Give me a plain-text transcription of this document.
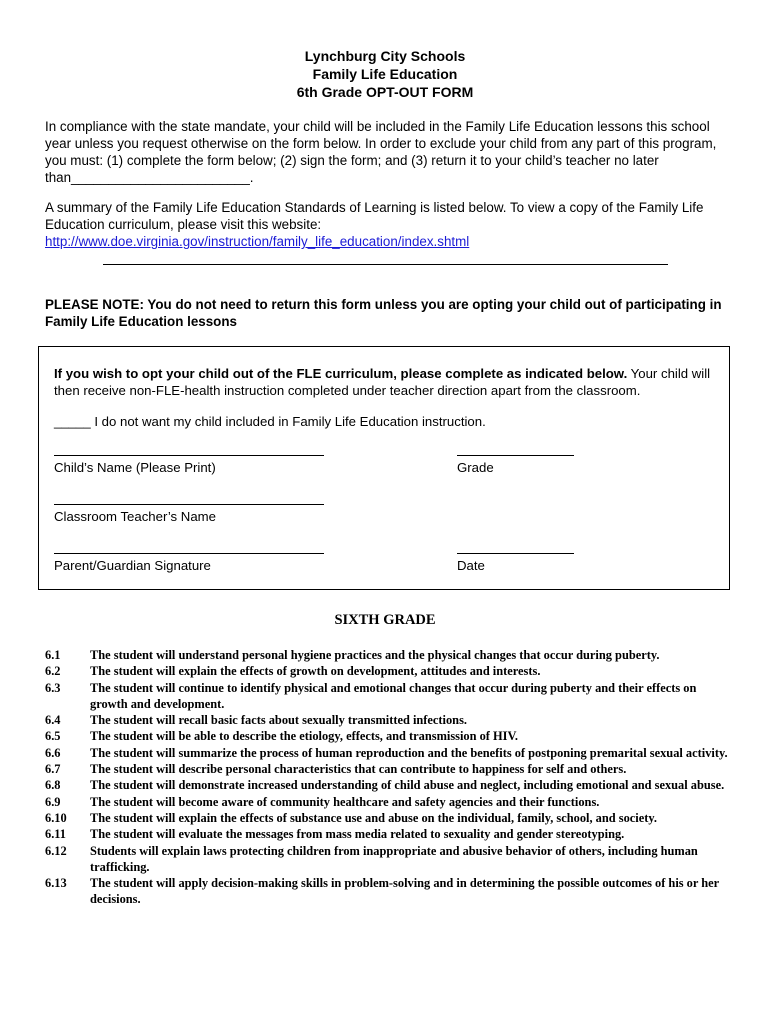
Lynchburg City Schools
Family Life Education
6th Grade OPT-OUT FORM
In compliance with the state mandate, your child will be included in the Family Life Education lessons this school year unless you request otherwise on the form below. In order to exclude your child from any part of this program, you must: (1) complete the form below; (2) sign the form; and (3) return it to your child’s teacher no later than________________________.
A summary of the Family Life Education Standards of Learning is listed below. To view a copy of the Family Life Education curriculum, please visit this website:
http://www.doe.virginia.gov/instruction/family_life_education/index.shtml
PLEASE NOTE: You do not need to return this form unless you are opting your child out of participating in Family Life Education lessons
If you wish to opt your child out of the FLE curriculum, please complete as indicated below. Your child will then receive non-FLE-health instruction completed under teacher direction apart from the classroom.
_____ I do not want my child included in Family Life Education instruction.
Child’s Name (Please Print)	Grade
Classroom Teacher’s Name
Parent/Guardian Signature	Date
SIXTH GRADE
6.1	The student will understand personal hygiene practices and the physical changes that occur during puberty.
6.2	The student will explain the effects of growth on development, attitudes and interests.
6.3	The student will continue to identify physical and emotional changes that occur during puberty and their effects on growth and development.
6.4	The student will recall basic facts about sexually transmitted infections.
6.5	The student will be able to describe the etiology, effects, and transmission of HIV.
6.6	The student will summarize the process of human reproduction and the benefits of postponing premarital sexual activity.
6.7	The student will describe personal characteristics that can contribute to happiness for self and others.
6.8	The student will demonstrate increased understanding of child abuse and neglect, including emotional and sexual abuse.
6.9	The student will become aware of community healthcare and safety agencies and their functions.
6.10	The student will explain the effects of substance use and abuse on the individual, family, school, and society.
6.11	The student will evaluate the messages from mass media related to sexuality and gender stereotyping.
6.12	Students will explain laws protecting children from inappropriate and abusive behavior of others, including human trafficking.
6.13	The student will apply decision-making skills in problem-solving and in determining the possible outcomes of his or her decisions.
